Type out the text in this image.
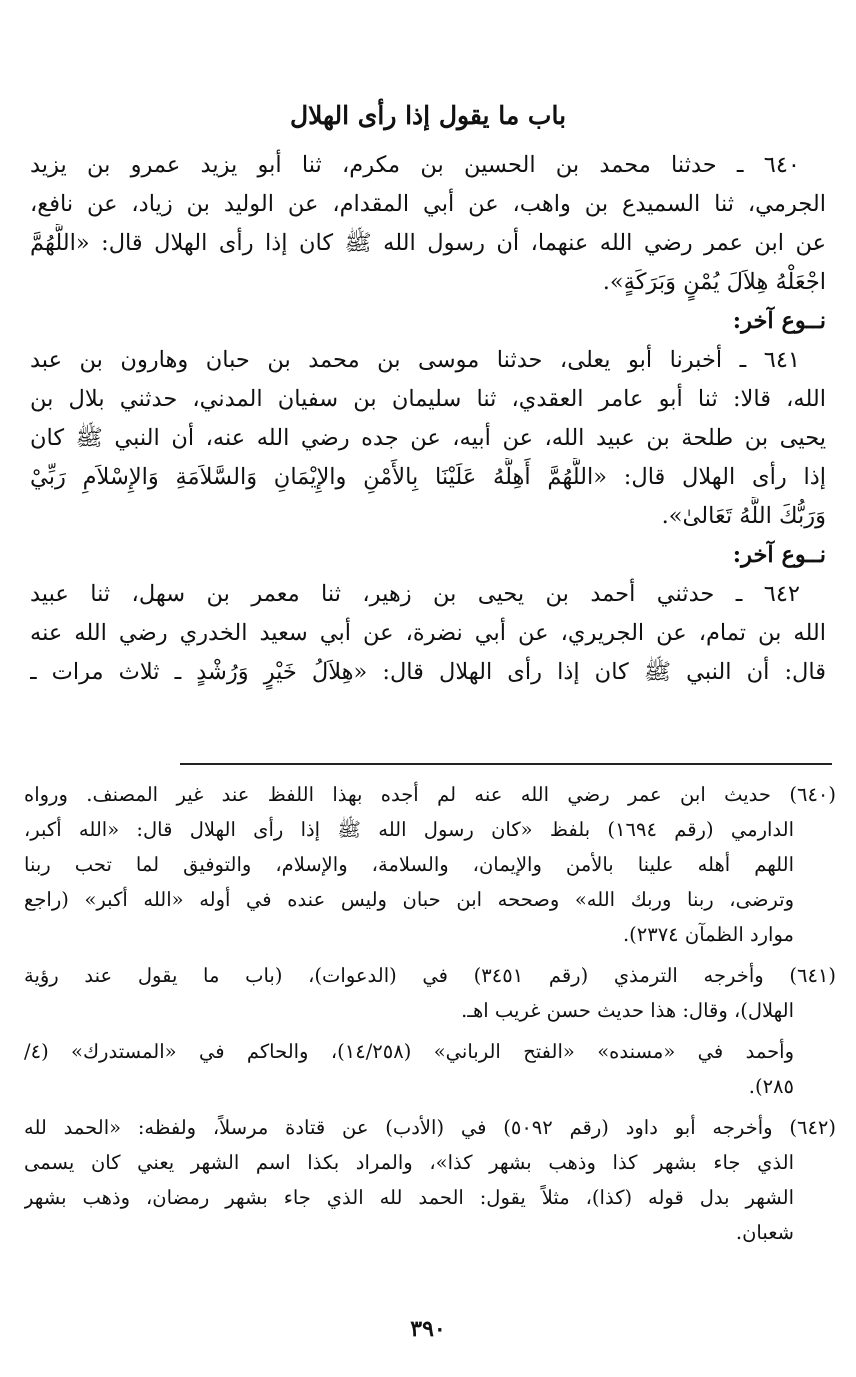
باب ما يقول إذا رأى الهلال
٦٤٠ ـ حدثنا محمد بن الحسين بن مكرم، ثنا أبو يزيد عمرو بن يزيد
الجرمي، ثنا السميدع بن واهب، عن أبي المقدام، عن الوليد بن زياد، عن نافع،
عن ابن عمر رضي الله عنهما، أن رسول الله ﷺ كان إذا رأى الهلال قال: «اللَّهُمَّ
اجْعَلْهُ هِلاَلَ يُمْنٍ وَبَرَكَةٍ».
نــوع آخر:
٦٤١ ـ أخبرنا أبو يعلى، حدثنا موسى بن محمد بن حبان وهارون بن عبد
الله، قالا: ثنا أبو عامر العقدي، ثنا سليمان بن سفيان المدني، حدثني بلال بن
يحيى بن طلحة بن عبيد الله، عن أبيه، عن جده رضي الله عنه، أن النبي ﷺ كان
إذا رأى الهلال قال: «اللَّهُمَّ أَهِلَّهُ عَلَيْنَا بِالأَمْنِ والإِيْمَانِ وَالسَّلاَمَةِ وَالإِسْلاَمِ رَبِّيْ
وَرَبُّكَ اللَّهُ تَعَالىٰ».
نــوع آخر:
٦٤٢ ـ حدثني أحمد بن يحيى بن زهير، ثنا معمر بن سهل، ثنا عبيد
الله بن تمام، عن الجريري، عن أبي نضرة، عن أبي سعيد الخدري رضي الله عنه
قال: أن النبي ﷺ كان إذا رأى الهلال قال: «هِلاَلُ خَيْرٍ وَرُشْدٍ ـ ثلاث مرات ـ
(٦٤٠) حديث ابن عمر رضي الله عنه لم أجده بهذا اللفظ عند غير المصنف. ورواه
الدارمي (رقم ١٦٩٤) بلفظ «كان رسول الله ﷺ إذا رأى الهلال قال: «الله أكبر،
اللهم أهله علينا بالأمن والإيمان، والسلامة، والإسلام، والتوفيق لما تحب ربنا
وترضى، ربنا وربك الله» وصححه ابن حبان وليس عنده في أوله «الله أكبر» (راجع
موارد الظمآن ٢٣٧٤).
(٦٤١) وأخرجه الترمذي (رقم ٣٤٥١) في (الدعوات)، (باب ما يقول عند رؤية
الهلال)، وقال: هذا حديث حسن غريب اهـ.
وأحمد في «مسنده» «الفتح الرباني» (١٤/٢٥٨)، والحاكم في «المستدرك» (٤/
٢٨٥).
(٦٤٢) وأخرجه أبو داود (رقم ٥٠٩٢) في (الأدب) عن قتادة مرسلاً، ولفظه: «الحمد لله
الذي جاء بشهر كذا وذهب بشهر كذا»، والمراد بكذا اسم الشهر يعني كان يسمى
الشهر بدل قوله (كذا)، مثلاً يقول: الحمد لله الذي جاء بشهر رمضان، وذهب بشهر
شعبان.
٣٩٠
